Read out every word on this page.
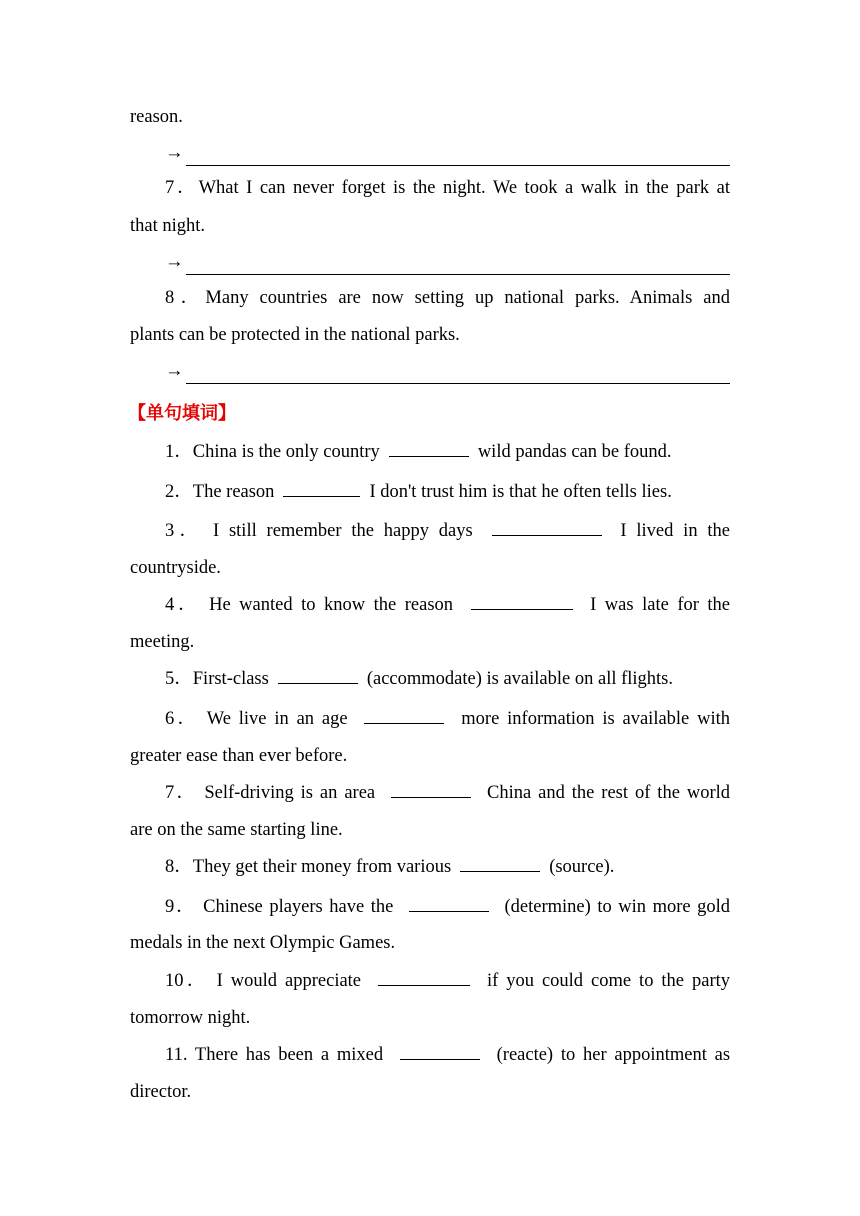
reason.
→
7．What I can never forget is the night. We took a walk in the park at
that night.
→
8．Many countries are now setting up national parks. Animals and
plants can be protected in the national parks.
→
【单句填词】
1．China is the only country	wild pandas can be found.
2．The reason	I don't trust him is that he often tells lies.
3． I still remember the happy days	I lived in the
countryside.
4． He wanted to know the reason	I was late for the
meeting.
5．First-class	(accommodate) is available on all flights.
6． We live in an age	more information is available with
greater ease than ever before.
7． Self-driving is an area	China and the rest of the world
are on the same starting line.
8．They get their money from various	(source).
9． Chinese players have the	(determine) to win more gold
medals in the next Olympic Games.
10． I would appreciate	if you could come to the party
tomorrow night.
11. There has been a mixed	(reacte) to her appointment as
director.
